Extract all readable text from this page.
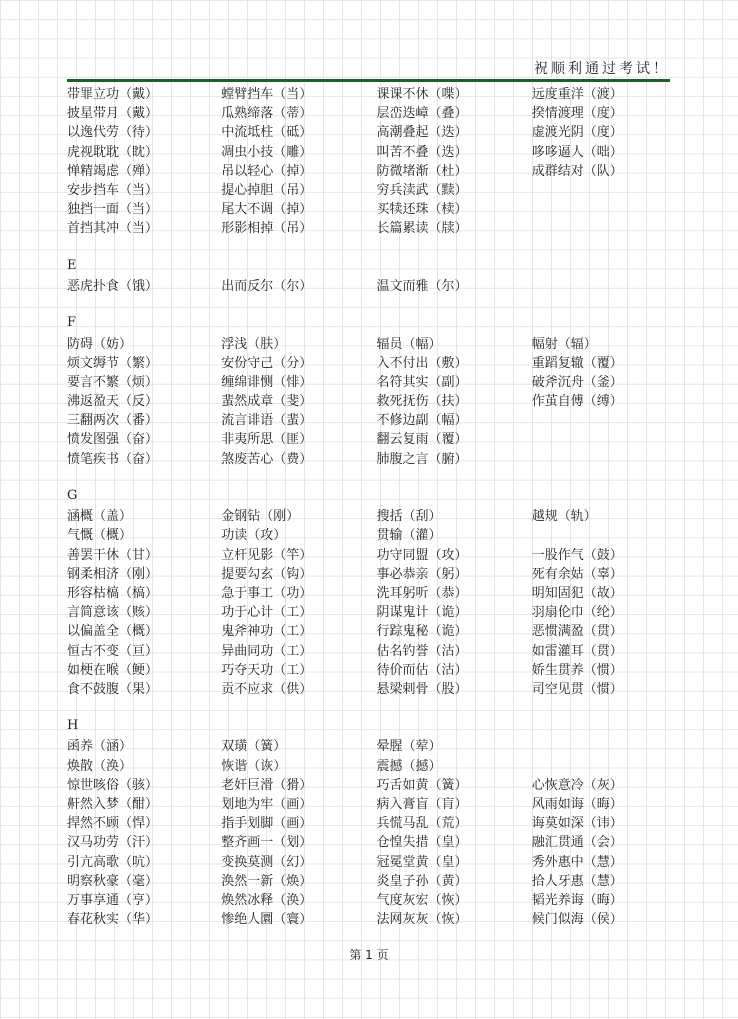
祝顺利通过考试！
带罪立功（戴）	螳臂挡车（当）	课课不休（喋）	远度重洋（渡）
披星带月（戴）	瓜熟缔落（蒂）	层峦迭嶂（叠）	揆情渡理（度）
以逸代劳（待）	中流坻柱（砥）	高潮叠起（迭）	虚渡光阴（度）
虎视耽耽（眈）	凋虫小技（雕）	叫苦不叠（迭）	哆哆逼人（咄）
惮精竭虑（殚）	吊以轻心（掉）	防微堵渐（杜）	成群结对（队）
安步挡车（当）	提心掉胆（吊）	穷兵渎武（黩）
独挡一面（当）	尾大不调（掉）	买犊还珠（椟）
首挡其冲（当）	形影相掉（吊）	长篇累读（牍）
E
恶虎扑食（饿）	出而反尔（尔）	温文而雅（尔）
F
防碍（妨）	浮浅（肤）	辐员（幅）	幅射（辐）
烦文缛节（繁）	安份守己（分）	入不付出（敷）	重蹈复辙（覆）
要言不繁（烦）	缠绵诽恻（悱）	名符其实（副）	破斧沉舟（釜）
沸返盈天（反）	蜚然成章（斐）	救死抚伤（扶）	作茧自傅（缚）
三翻两次（番）	流言诽语（蜚）	不修边副（幅）
愤发图强（奋）	非夷所思（匪）	翻云复雨（覆）
愤笔疾书（奋）	煞废苦心（费）	肺腹之言（腑）
G
涵概（盖）	金钢钻（刚）	搜括（刮）	越规（轨）
气慨（概）	功读（攻）	贯输（灌）
善罢干休（甘）	立杆见影（竿）	功守同盟（攻）	一股作气（鼓）
钢柔相济（刚）	提要勾玄（钩）	事必恭亲（躬）	死有余姑（辜）
形容枯槁（槁）	急于事工（功）	洗耳躬听（恭）	明知固犯（故）
言简意该（赅）	功于心计（工）	阴谋鬼计（诡）	羽扇伦巾（纶）
以偏盖全（概）	鬼斧神功（工）	行踪鬼秘（诡）	恶惯满盈（贯）
恒古不变（亘）	异曲同功（工）	估名钓誉（沽）	如雷灌耳（贯）
如梗在喉（鲠）	巧夺天功（工）	待价而估（沽）	娇生贯养（惯）
食不鼓腹（果）	贡不应求（供）	悬梁剌骨（股）	司空见贯（惯）
H
函养（涵）	双璜（簧）	晕腥（荤）
焕散（涣）	恢谐（诙）	震撼（撼）
惊世咳俗（骇）	老奸巨滑（猾）	巧舌如黄（簧）	心恢意冷（灰）
鼾然入梦（酣）	划地为牢（画）	病入膏盲（肓）	风雨如诲（晦）
捍然不顾（悍）	指手划脚（画）	兵慌马乱（荒）	诲莫如深（讳）
汉马功劳（汗）	整齐画一（划）	仓惶失措（皇）	融汇贯通（会）
引亢高歌（吭）	变换莫测（幻）	冠冕堂黄（皇）	秀外惠中（慧）
明察秋豪（毫）	涣然一新（焕）	炎皇子孙（黄）	拾人牙惠（慧）
万事享通（亨）	焕然冰释（涣）	气度灰宏（恢）	韬光养诲（晦）
春花秋实（华）	惨绝人圜（寰）	法网灰灰（恢）	候门似海（侯）
第 1 页
